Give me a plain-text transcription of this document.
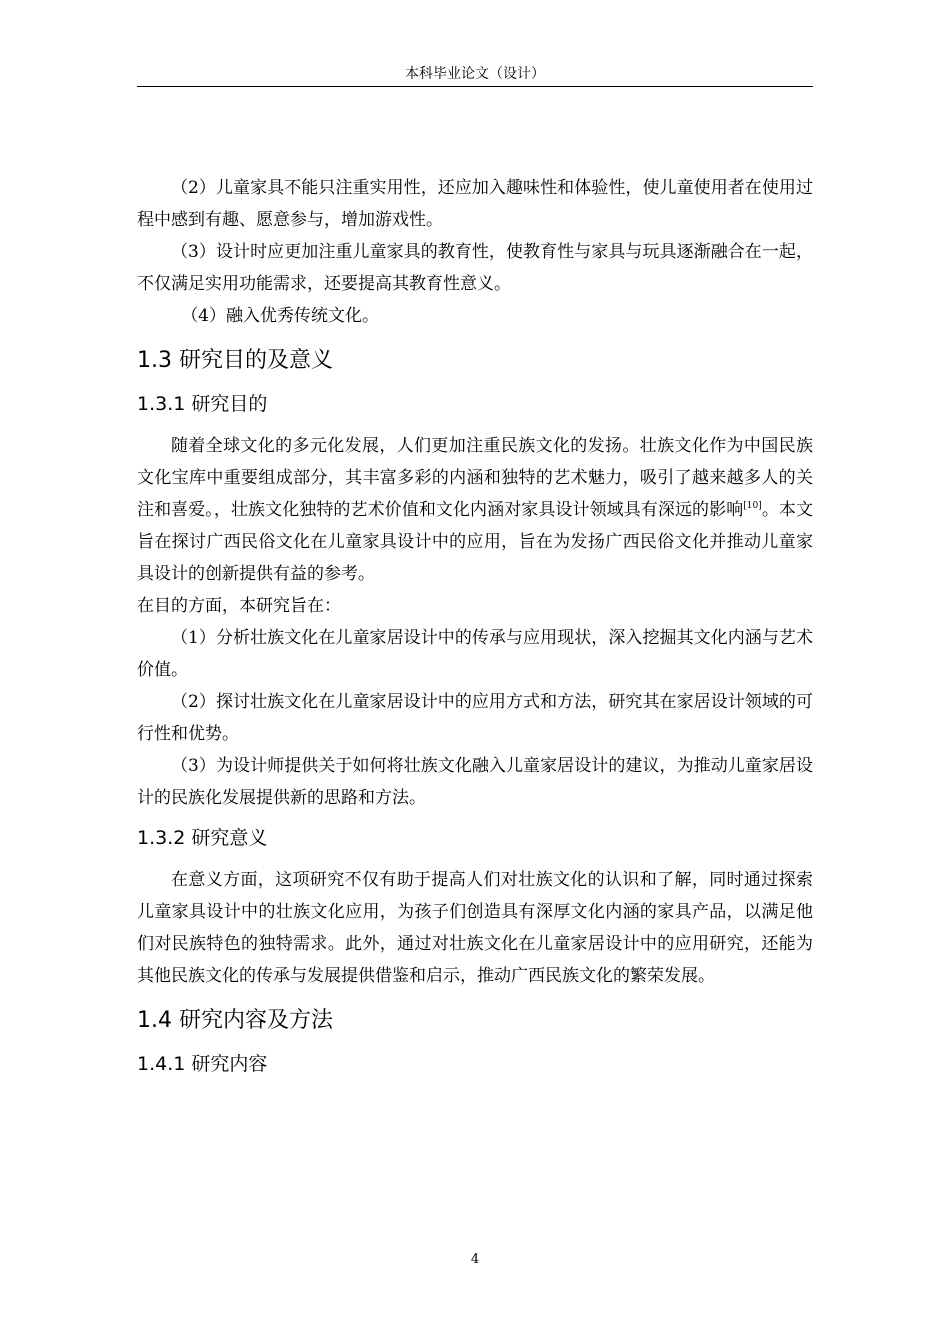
本科毕业论文（设计）

（2）儿童家具不能只注重实用性，还应加入趣味性和体验性，使儿童使用者在使用过程中感到有趣、愿意参与，增加游戏性。

（3）设计时应更加注重儿童家具的教育性，使教育性与家具与玩具逐渐融合在一起，不仅满足实用功能需求，还要提高其教育性意义。

（4）融入优秀传统文化。

1.3 研究目的及意义
1.3.1 研究目的

随着全球文化的多元化发展，人们更加注重民族文化的发扬。壮族文化作为中国民族文化宝库中重要组成部分，其丰富多彩的内涵和独特的艺术魅力，吸引了越来越多人的关注和喜爱。，壮族文化独特的艺术价值和文化内涵对家具设计领域具有深远的影响[10]。本文旨在探讨广西民俗文化在儿童家具设计中的应用，旨在为发扬广西民俗文化并推动儿童家具设计的创新提供有益的参考。

在目的方面，本研究旨在：

（1）分析壮族文化在儿童家居设计中的传承与应用现状，深入挖掘其文化内涵与艺术价值。

（2）探讨壮族文化在儿童家居设计中的应用方式和方法，研究其在家居设计领域的可行性和优势。

（3）为设计师提供关于如何将壮族文化融入儿童家居设计的建议，为推动儿童家居设计的民族化发展提供新的思路和方法。

1.3.2 研究意义

在意义方面，这项研究不仅有助于提高人们对壮族文化的认识和了解，同时通过探索儿童家具设计中的壮族文化应用，为孩子们创造具有深厚文化内涵的家具产品，以满足他们对民族特色的独特需求。此外，通过对壮族文化在儿童家居设计中的应用研究，还能为其他民族文化的传承与发展提供借鉴和启示，推动广西民族文化的繁荣发展。

1.4 研究内容及方法
1.4.1 研究内容
4
